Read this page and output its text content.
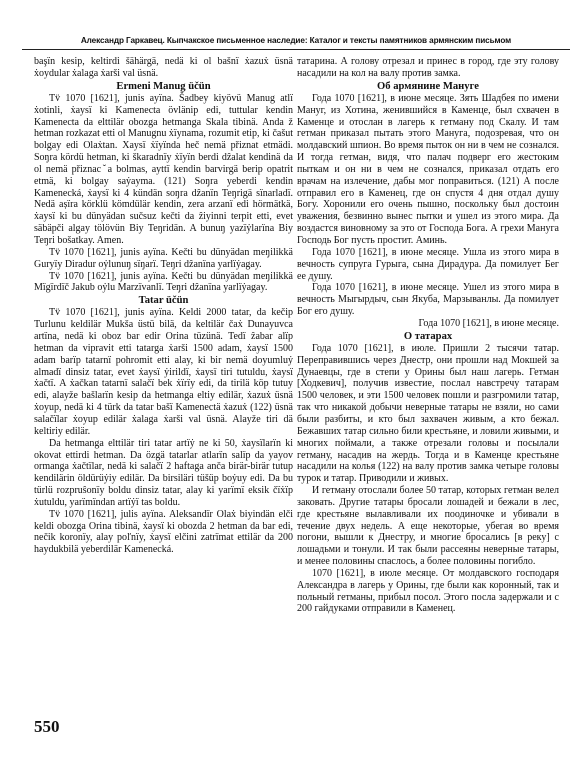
Александр Гаркавец. Кыпчакское письменное наследие: Каталог и тексты памятников армянским письмом

başïn kesip, keltirdi šähärgä, nedä ki ol bašnï ẋazuẋ üsnä ẋoydular ẋalaga ẋarši val üsnä.

Ermeni Manug üčün

Tv̈ 1070 [1621], junis ayïna. Šadbey kiyövü Manug atlï ẋotinli, ẋaysï ki Kamenecta övlänip edi, tuttular kendin Kamenecta da elttilär obozga hetmanga Skala tibinä. Anda ž hetman rozkazat etti ol Manugnu ẋïynama, rozumit etip, ki čašut bolgay edi Olaẋtan. Xaysï ẋïyïnda heč nemä přiznat etmädi. Soŋra kördü hetman, ki škaradnïy ẋïyïn berdi dẑalat kendinä da ol nemä přiznacˇa bolmas, ayttï kendin barvirgä berip opatrit etmä, ki bolgay saẏayma. (121) Soŋra yeberdi kendin Kamenecká, ẋaysï ki 4 kündän soŋra dẑanïn Teŋrigä sïnarladï. Nedä așïra körklü kömdülär kendin, zera arzanï edi hörmätkä, ẋaysï ki bu dünyädan sučsuz kečti da ẑiyinni terpit etti, evet säbäpči algay tölövün Biy Teŋridän. A bunuŋ yazïẏlarïna Biy Teŋri bošatkay. Amen.

Tv̈ 1070 [1621], junis ayïna. Kečti bu dünyädan meŋilikkä Guryïy Diradur oẏlunuŋ sïŋarï. Teŋri dẑanïna yarlïẏagay.

Tv̈ 1070 [1621], junis ayïna. Kečti bu dünyädan meŋilikkä Mïgïrdïč Jakub oẏlu Marzïvanlï. Teŋri dẑanïna yarlïẏagay.

Tatar üčün

Tv̈ 1070 [1621], junis ayïna. Keldi 2000 tatar, da kečip Turlunu keldilär Mukša üstü bilä, da keltilär čaẋ Dunayuvca artïna, nedä ki oboz bar edir Orina tüzünä. Tedï ẑabar alïp hetman da vipravit etti tatarga ẋarši 1500 adam, ẋaysï 1500 adam barïp tatarnï pohromit etti alay, ki bir nemä doyumluẏ almadï dinsiz tatar, evet ẋaysï ẏirildï, ẋaysï tiri tutuldu, ẋaysï ẋačtï. A ẋačkan tatarnï salačï bek ẋïrïy edi, da tirilä köp tutuy edi, alayže bašlarïn kesip da hetmanga eltiy edilär, ẋazuẋ üsnä ẋoyup, nedä ki 4 türk da tatar bašï Kamenectä ẋazuẋ (122) üsnä salačïlar ẋoyup edilär ẋalaga ẋarši val üsnä. Alayže tiri dä keltiriy edilär.

Da hetmanga elttilär tiri tatar artïẏ ne ki 50, ẋaysïlarïn ki okovat ettirdi hetman. Da özgä tatarlar atlarïn salïp da yayov ormanga ẋačtïlar, nedä ki salačï 2 haftaga anča birär-birär tutup kendilärin öldürüẏiy edilär. Da birsiläri tüšüp boẏuy edi. Da bu türlü rozpruŝonïy boldu dinsiz tatar, alay ki yarïmï eksik čïẋïp ẋutuldu, yarïmïndan artïẏï tas boldu.

Tv̈ 1070 [1621], julis ayïna. Aleksandïr Olaẋ biyindän elči keldi obozga Orina tibinä, ẋaysï ki obozda 2 hetman da bar edi, nečik koronïy, alay poľnïy, ẋaysï elčini zatrïmat ettilär da 200 haydukbilä yeberdilär Kamenecká.

татарина. А голову отрезал и принес в город, где эту голову насадили на кол на валу против замка.

Об армянине Мануге

Года 1070 [1621], в июне месяце. Зять Шадбея по имени Мануг, из Хотина, женившийся в Каменце, был схвачен в Каменце и отослан в лагерь к гетману под Скалу. И там гетман приказал пытать этого Мануга, подозревая, что он молдавский шпион. Во время пыток он ни в чем не сознался. И тогда гетман, видя, что палач подверг его жестоким пыткам и он ни в чем не сознался, приказал отдать его врачам на излечение, дабы мог поправиться. (121) А после отправил его в Каменец, где он спустя 4 дня отдал душу Богу. Хоронили его очень пышно, поскольку был достоин уважения, безвинно вынес пытки и ушел из этого мира. Да воздастся виновному за это от Господа Бога. А грехи Мануга Господь Бог пусть простит. Аминь.

Года 1070 [1621], в июне месяце. Ушла из этого мира в вечность супруга Гурыга, сына Дирадура. Да помилует Бег ее душу.

Года 1070 [1621], в июне месяце. Ушел из этого мира в вечность Мыгырдыч, сын Якуба, Марзыванлы. Да помилует Бог его душу.

Года 1070 [1621], в июне месяце.

О татарах

Года 1070 [1621], в июле. Пришли 2 тысячи татар. Переправившись через Днестр, они прошли над Мокшей за Дунаевцы, где в степи у Орины был наш лагерь. Гетман [Ходкевич], получив известие, послал навстречу татарам 1500 человек, и эти 1500 человек пошли и разгромили татар, так что никакой добычи неверные татары не взяли, но сами были разбиты, и кто был захвачен живым, а кто бежал. Бежавших татар сильно били крестьяне, и ловили живыми, и многих поймали, а также отрезали головы и посылали гетману, насадив на жердь. Тогда и в Каменце крестьяне насадили на колья (122) на валу против замка четыре головы турок и татар. Приводили и живых.

И гетману отослали более 50 татар, которых гетман велел заковать. Другие татары бросали лошадей и бежали в лес, где крестьяне вылавливали их поодиночке и убивали в течение двух недель. А еще некоторые, убегая во время погони, вышли к Днестру, и многие бросались [в реку] с лошадьми и тонули. И так были рассеяны неверные татары, и менее половины спаслось, а более половины погибло.

1070 [1621], в июле месяце. От молдавского господаря Александра в лагерь у Орины, где были как коронный, так и польный гетманы, прибыл посол. Этого посла задержали и с 200 гайдуками отправили в Каменец.

550
